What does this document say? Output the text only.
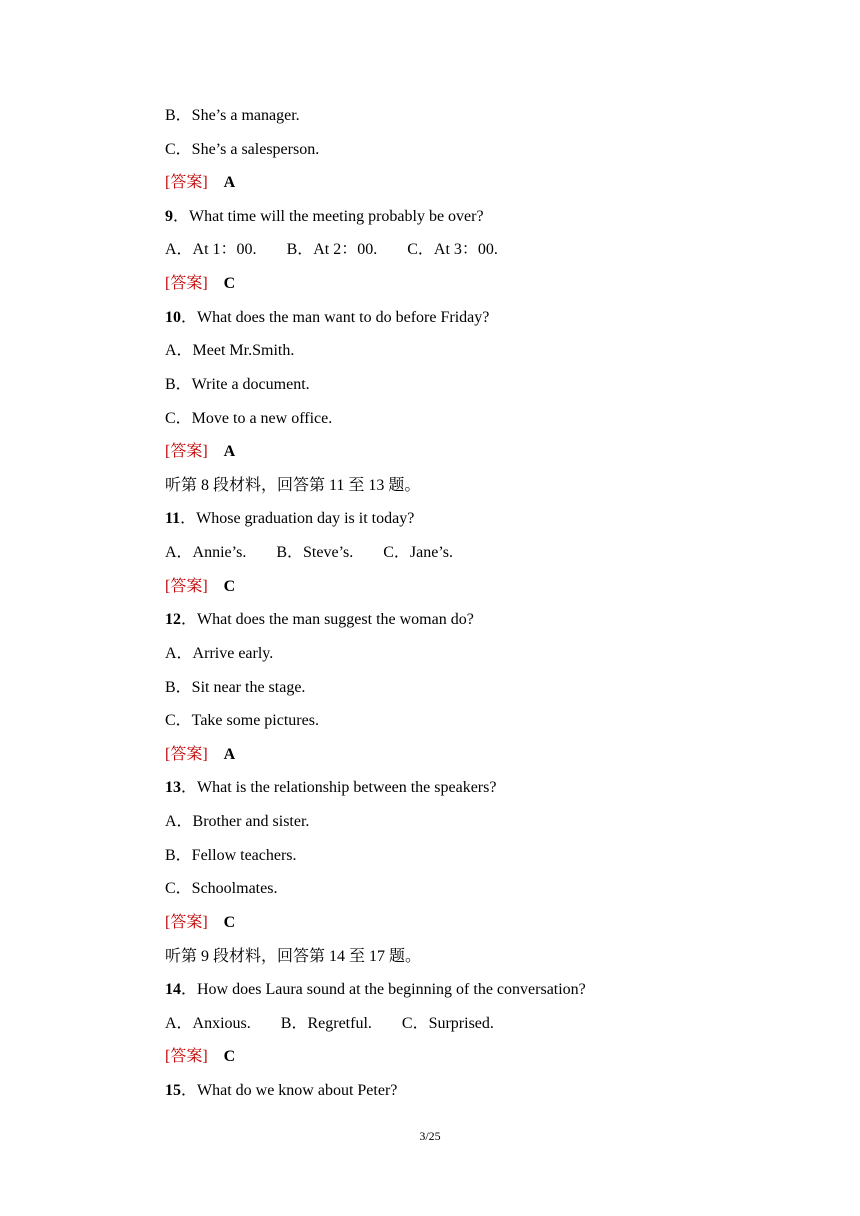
B．She’s a manager.
C．She’s a salesperson.
[答案] A
9．What time will the meeting probably be over?
A．At 1：00. B．At 2：00. C．At 3：00.
[答案] C
10．What does the man want to do before Friday?
A．Meet Mr.Smith.
B．Write a document.
C．Move to a new office.
[答案] A
听第 8 段材料，回答第 11 至 13 题。
11．Whose graduation day is it today?
A．Annie’s. B．Steve’s. C．Jane’s.
[答案] C
12．What does the man suggest the woman do?
A．Arrive early.
B．Sit near the stage.
C．Take some pictures.
[答案] A
13．What is the relationship between the speakers?
A．Brother and sister.
B．Fellow teachers.
C．Schoolmates.
[答案] C
听第 9 段材料，回答第 14 至 17 题。
14．How does Laura sound at the beginning of the conversation?
A．Anxious. B．Regretful. C．Surprised.
[答案] C
15．What do we know about Peter?
3/25
